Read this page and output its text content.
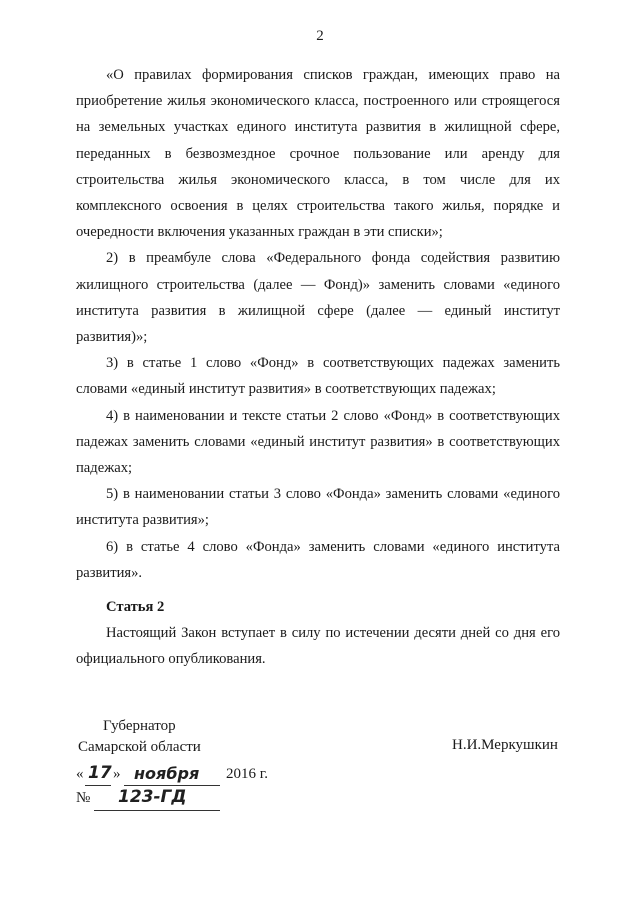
2

«О правилах формирования списков граждан, имеющих право на приобретение жилья экономического класса, построенного или строящегося на земельных участках единого института развития в жилищной сфере, переданных в безвозмездное срочное пользование или аренду для строительства жилья экономического класса, в том числе для их комплексного освоения в целях строительства такого жилья, порядке и очередности включения указанных граждан в эти списки»;

2) в преамбуле слова «Федерального фонда содействия развитию жилищного строительства (далее — Фонд)» заменить словами «единого института развития в жилищной сфере (далее — единый институт развития)»;

3) в статье 1 слово «Фонд» в соответствующих падежах заменить словами «единый институт развития» в соответствующих падежах;

4) в наименовании и тексте статьи 2 слово «Фонд» в соответствующих падежах заменить словами «единый институт развития» в соответствующих падежах;

5) в наименовании статьи 3 слово «Фонда» заменить словами «единого института развития»;

6) в статье 4 слово «Фонда» заменить словами «единого института развития».

Статья 2

Настоящий Закон вступает в силу по истечении десяти дней со дня его официального опубликования.

Губернатор
Самарской области	Н.И.Меркушкин
« 17 » ноября 2016 г.
№ 123-ГД
